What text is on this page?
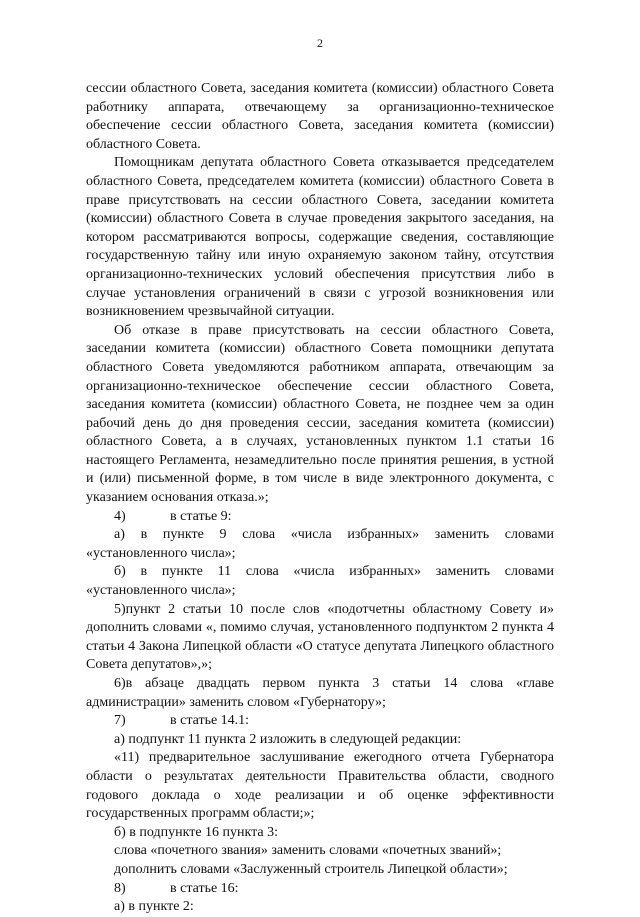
2

сессии областного Совета, заседания комитета (комиссии) областного Совета работнику аппарата, отвечающему за организационно-техническое обеспечение сессии областного Совета, заседания комитета (комиссии) областного Совета.

Помощникам депутата областного Совета отказывается председателем областного Совета, председателем комитета (комиссии) областного Совета в праве присутствовать на сессии областного Совета, заседании комитета (комиссии) областного Совета в случае проведения закрытого заседания, на котором рассматриваются вопросы, содержащие сведения, составляющие государственную тайну или иную охраняемую законом тайну, отсутствия организационно-технических условий обеспечения присутствия либо в случае установления ограничений в связи с угрозой возникновения или возникновением чрезвычайной ситуации.

Об отказе в праве присутствовать на сессии областного Совета, заседании комитета (комиссии) областного Совета помощники депутата областного Совета уведомляются работником аппарата, отвечающим за организационно-техническое обеспечение сессии областного Совета, заседания комитета (комиссии) областного Совета, не позднее чем за один рабочий день до дня проведения сессии, заседания комитета (комиссии) областного Совета, а в случаях, установленных пунктом 1.1 статьи 16 настоящего Регламента, незамедлительно после принятия решения, в устной и (или) письменной форме, в том числе в виде электронного документа, с указанием основания отказа.»;

4)	в статье 9:

а) в пункте 9 слова «числа избранных» заменить словами «установленного числа»;

б) в пункте 11 слова «числа избранных» заменить словами «установленного числа»;

5)пункт 2 статьи 10 после слов «подотчетны областному Совету и» дополнить словами «, помимо случая, установленного подпунктом 2 пункта 4 статьи 4 Закона Липецкой области «О статусе депутата Липецкого областного Совета депутатов»,»;

6)в абзаце двадцать первом пункта 3 статьи 14 слова «главе администрации» заменить словом «Губернатору»;

7)	в статье 14.1:

а) подпункт 11 пункта 2 изложить в следующей редакции:

«11) предварительное заслушивание ежегодного отчета Губернатора области о результатах деятельности Правительства области, сводного годового доклада о ходе реализации и об оценке эффективности государственных программ области;»;

б) в подпункте 16 пункта 3:

слова «почетного звания» заменить словами «почетных званий»;

дополнить словами «Заслуженный строитель Липецкой области»;

8)	в статье 16:

а) в пункте 2:
